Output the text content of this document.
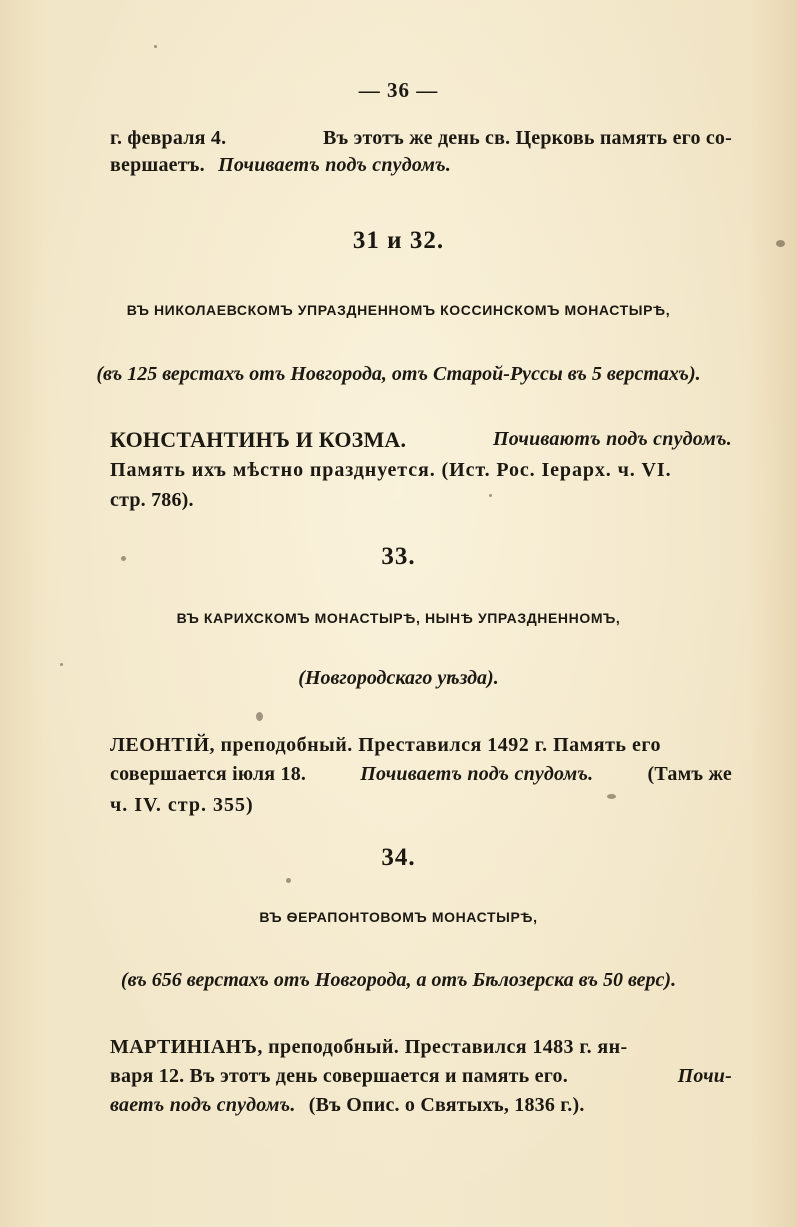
— 36 —
г. февраля 4.	Въ этотъ же день св. Церковь память его со-
вершаетъ. Почиваетъ подъ спудомъ.
31 и 32.
ВЪ НИКОЛАЕВСКОМЪ УПРАЗДНЕННОМЪ КОССИНСКОМЪ МОНАСТЫРѢ,
(въ 125 верстахъ отъ Новгорода, отъ Старой-Руссы въ 5 верстахъ).
КОНСТАНТИНЪ И КОЗМА.	Почиваютъ подъ спудомъ.
Память ихъ мѣстно празднуется. (Ист. Рос. Іерарх. ч. VI.
стр. 786).
33.
ВЪ КАРИХСКОМЪ МОНАСТЫРѢ, НЫНѢ УПРАЗДНЕННОМЪ,
(Новгородскаго уѣзда).
ЛЕОНТІЙ, преподобный. Преставился 1492 г. Память его
совершается іюля 18.	Почиваетъ подъ спудомъ.	(Тамъ же
ч. IV. стр. 355)
34.
ВЪ ѲЕРАПОНТОВОМЪ МОНАСТЫРѢ,
(въ 656 верстахъ отъ Новгорода, а отъ Бѣлозерска въ 50 верс).
МАРТИНІАНЪ, преподобный. Преставился 1483 г. ян-
варя 12. Въ этотъ день совершается и память его.	Почи-
ваетъ подъ спудомъ. (Въ Опис. о Святыхъ, 1836 г.).
